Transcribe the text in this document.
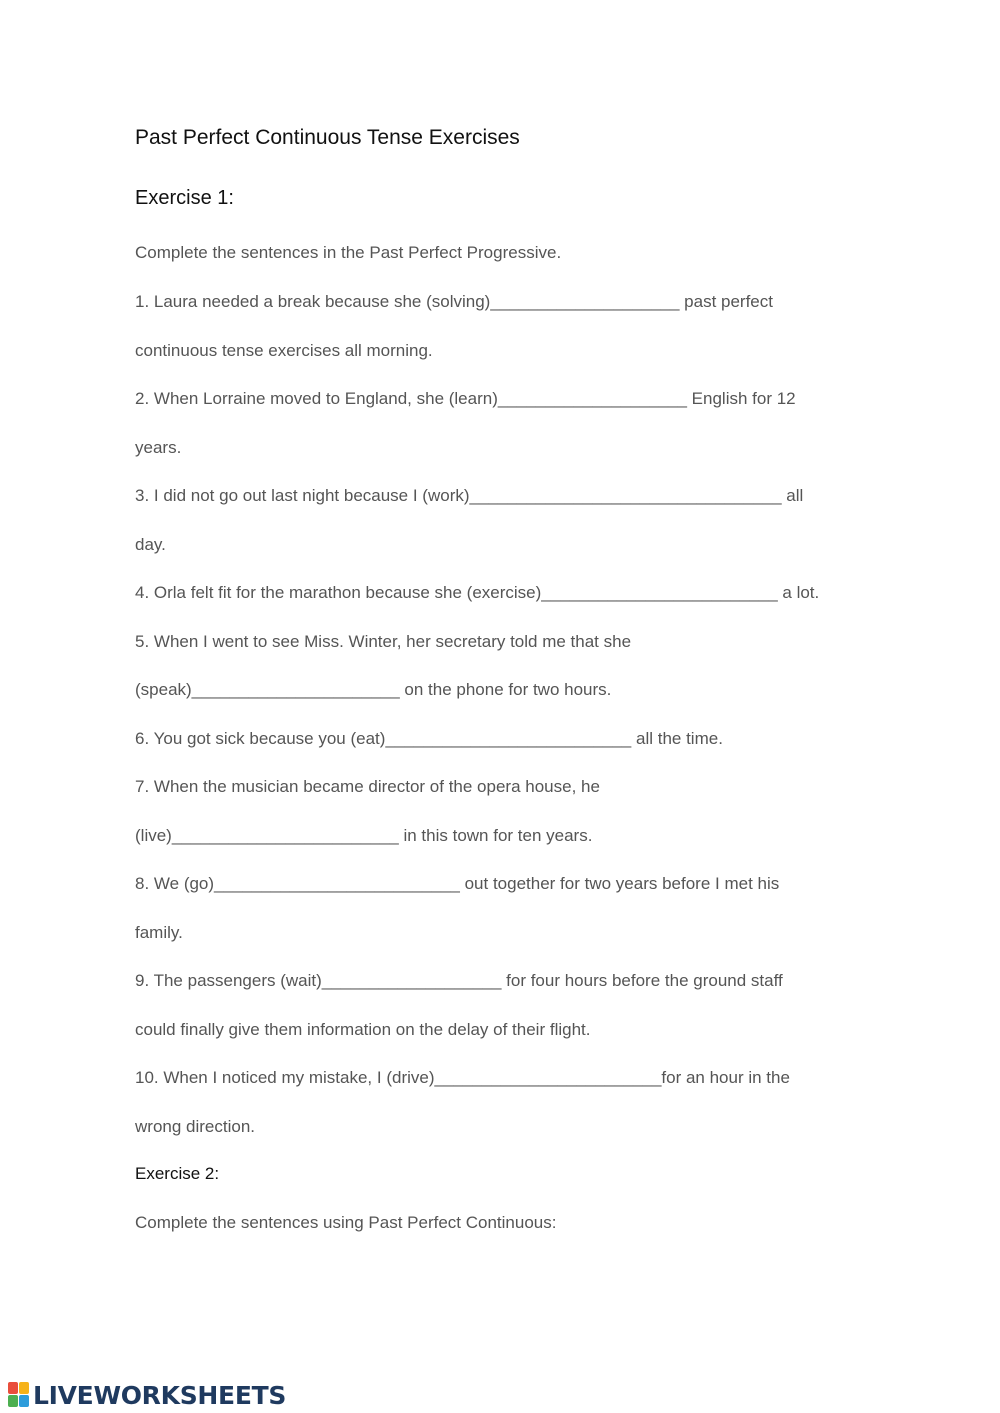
Past Perfect Continuous Tense Exercises
Exercise 1:

Complete the sentences in the Past Perfect Progressive.

1. Laura needed a break because she (solving)____________________ past perfect

continuous tense exercises all morning.

2. When Lorraine moved to England, she (learn)____________________ English for 12

years.

3. I did not go out last night because I (work)_________________________________ all

day.

4. Orla felt fit for the marathon because she (exercise)_________________________ a lot.

5. When I went to see Miss. Winter, her secretary told me that she

(speak)______________________ on the phone for two hours.

6. You got sick because you (eat)__________________________ all the time.

7. When the musician became director of the opera house, he

(live)________________________ in this town for ten years.

8. We (go)__________________________ out together for two years before I met his

family.

9. The passengers (wait)___________________ for four hours before the ground staff

could finally give them information on the delay of their flight.

10. When I noticed my mistake, I (drive)________________________for an hour in the

wrong direction.

Exercise 2:

Complete the sentences using Past Perfect Continuous:

LIVEWORKSHEETS
